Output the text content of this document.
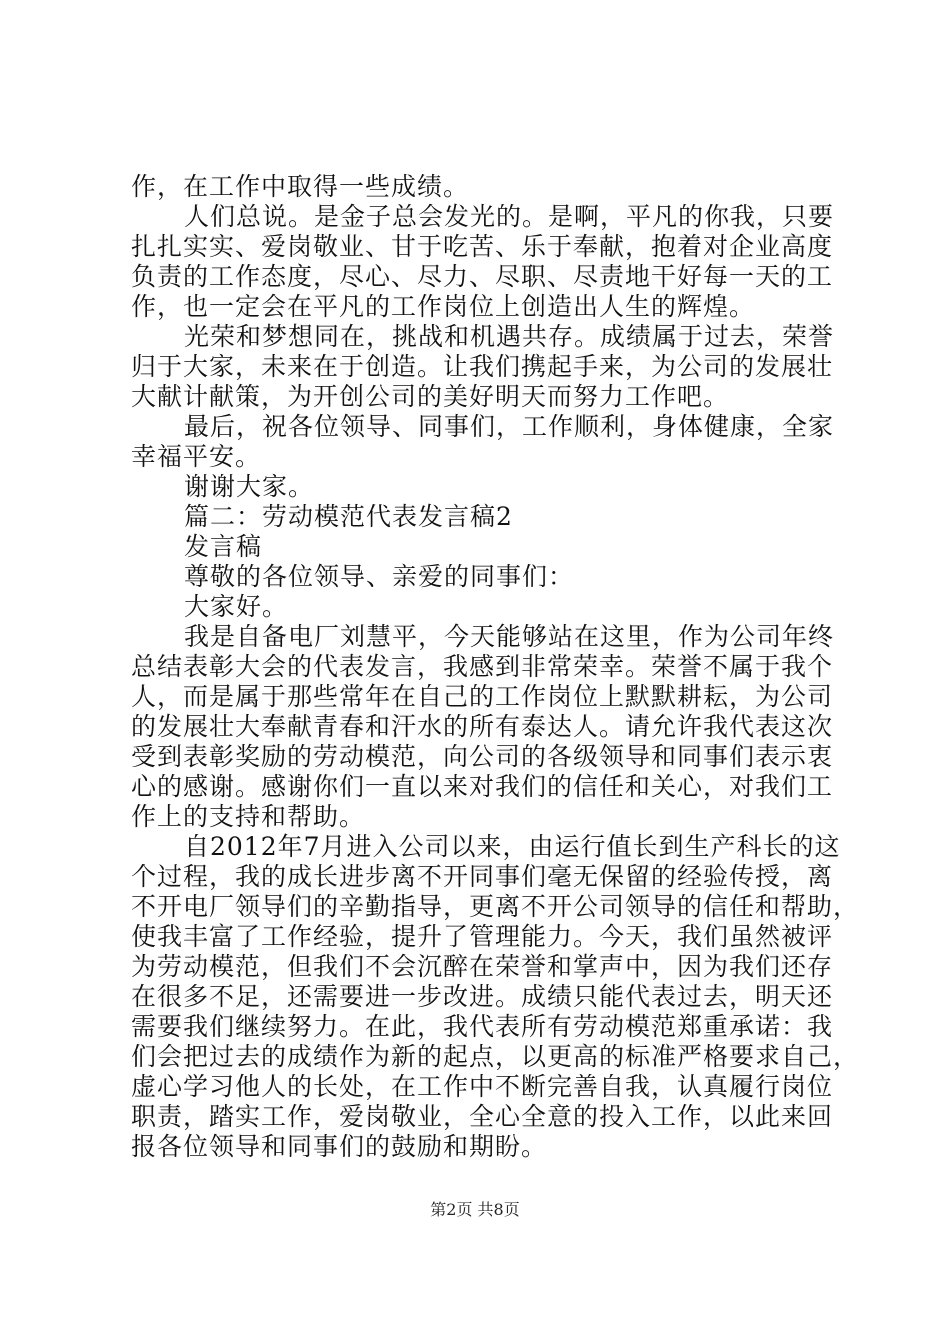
作，在工作中取得一些成绩。
人们总说。是金子总会发光的。是啊，平凡的你我，只要
扎扎实实、爱岗敬业、甘于吃苦、乐于奉献，抱着对企业高度
负责的工作态度，尽心、尽力、尽职、尽责地干好每一天的工
作，也一定会在平凡的工作岗位上创造出人生的辉煌。
光荣和梦想同在，挑战和机遇共存。成绩属于过去，荣誉
归于大家，未来在于创造。让我们携起手来，为公司的发展壮
大献计献策，为开创公司的美好明天而努力工作吧。
最后，祝各位领导、同事们，工作顺利，身体健康，全家
幸福平安。
谢谢大家。
篇二：劳动模范代表发言稿2
发言稿
尊敬的各位领导、亲爱的同事们：
大家好。
我是自备电厂刘慧平，今天能够站在这里，作为公司年终
总结表彰大会的代表发言，我感到非常荣幸。荣誉不属于我个
人，而是属于那些常年在自己的工作岗位上默默耕耘，为公司
的发展壮大奉献青春和汗水的所有泰达人。请允许我代表这次
受到表彰奖励的劳动模范，向公司的各级领导和同事们表示衷
心的感谢。感谢你们一直以来对我们的信任和关心，对我们工
作上的支持和帮助。
自2012年7月进入公司以来，由运行值长到生产科长的这
个过程，我的成长进步离不开同事们毫无保留的经验传授，离
不开电厂领导们的辛勤指导，更离不开公司领导的信任和帮助，
使我丰富了工作经验，提升了管理能力。今天，我们虽然被评
为劳动模范，但我们不会沉醉在荣誉和掌声中，因为我们还存
在很多不足，还需要进一步改进。成绩只能代表过去，明天还
需要我们继续努力。在此，我代表所有劳动模范郑重承诺：我
们会把过去的成绩作为新的起点，以更高的标准严格要求自己，
虚心学习他人的长处，在工作中不断完善自我，认真履行岗位
职责，踏实工作，爱岗敬业，全心全意的投入工作，以此来回
报各位领导和同事们的鼓励和期盼。
第2页 共8页
